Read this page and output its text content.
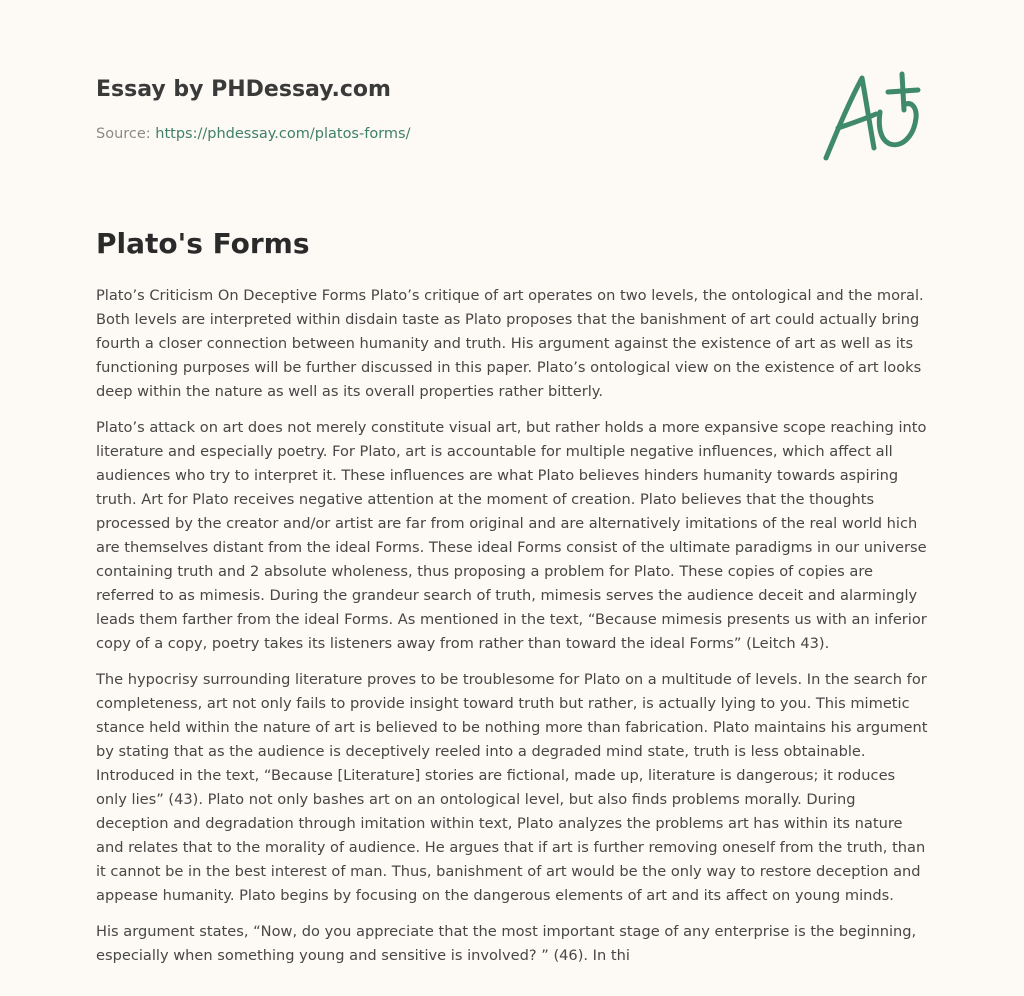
Essay by PHDessay.com
Source: https://phdessay.com/platos-forms/
Plato's Forms

Plato’s Criticism On Deceptive Forms Plato’s critique of art operates on two levels, the ontological and the moral. Both levels are interpreted within disdain taste as Plato proposes that the banishment of art could actually bring fourth a closer connection between humanity and truth. His argument against the existence of art as well as its functioning purposes will be further discussed in this paper. Plato’s ontological view on the existence of art looks deep within the nature as well as its overall properties rather bitterly.

Plato’s attack on art does not merely constitute visual art, but rather holds a more expansive scope reaching into literature and especially poetry. For Plato, art is accountable for multiple negative influences, which affect all audiences who try to interpret it. These influences are what Plato believes hinders humanity towards aspiring truth. Art for Plato receives negative attention at the moment of creation. Plato believes that the thoughts processed by the creator and/or artist are far from original and are alternatively imitations of the real world hich are themselves distant from the ideal Forms. These ideal Forms consist of the ultimate paradigms in our universe containing truth and 2 absolute wholeness, thus proposing a problem for Plato. These copies of copies are referred to as mimesis. During the grandeur search of truth, mimesis serves the audience deceit and alarmingly leads them farther from the ideal Forms. As mentioned in the text, “Because mimesis presents us with an inferior copy of a copy, poetry takes its listeners away from rather than toward the ideal Forms” (Leitch 43).

The hypocrisy surrounding literature proves to be troublesome for Plato on a multitude of levels. In the search for completeness, art not only fails to provide insight toward truth but rather, is actually lying to you. This mimetic stance held within the nature of art is believed to be nothing more than fabrication. Plato maintains his argument by stating that as the audience is deceptively reeled into a degraded mind state, truth is less obtainable. Introduced in the text, “Because [Literature] stories are fictional, made up, literature is dangerous; it roduces only lies” (43). Plato not only bashes art on an ontological level, but also finds problems morally. During deception and degradation through imitation within text, Plato analyzes the problems art has within its nature and relates that to the morality of audience. He argues that if art is further removing oneself from the truth, than it cannot be in the best interest of man. Thus, banishment of art would be the only way to restore deception and appease humanity. Plato begins by focusing on the dangerous elements of art and its affect on young minds.

His argument states, “Now, do you appreciate that the most important stage of any enterprise is the beginning, especially when something young and sensitive is involved? ” (46). In thi
